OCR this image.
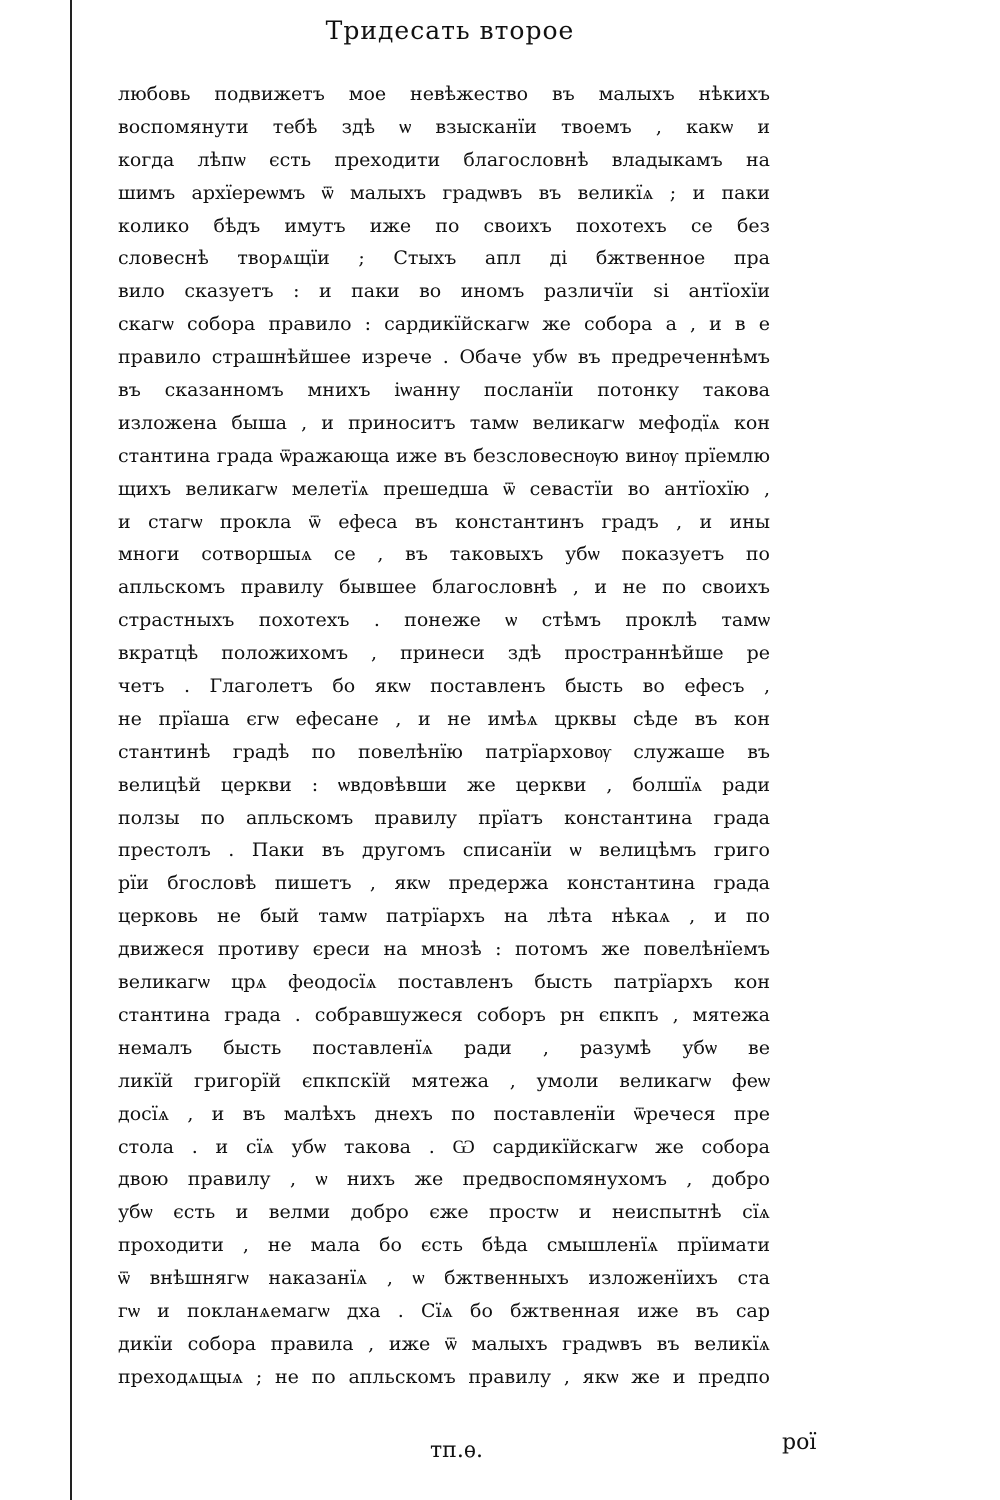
Тридесать второе
любовь подвижетъ мое невѣжество въ малыхъ нѣкихъ
воспомянути тебѣ здѣ ѡ взысканїи твоемъ , какѡ и
когда лѣпѡ єсть преходити благословнѣ владыкамъ на
шимъ архїереѡмъ ѿ малыхъ градѡвъ въ великїѧ ; и паки
колико бѣдъ имутъ иже по своихъ похотехъ се без
словеснѣ творѧщїи ; Стыхъ апл ді бжтвенное пра
вило сказуетъ : и паки во иномъ различїи ѕі антїохїи
скагѡ собора правило : сардикїйскагѡ же собора а , и в е
правило страшнѣйшее изрече . Обаче убѡ въ предреченнѣмъ
въ сказанномъ мнихъ іѡанну посланїи потонку такова
изложена быша , и приноситъ тамѡ великагѡ мефодїѧ кон
стантина града ѿражающа иже въ безсловеснѹю винѹ прїемлю
щихъ великагѡ мелетїѧ прешедша ѿ севастїи во антїохїю ,
и стагѡ прокла ѿ ефеса въ константинъ градъ , и ины
многи сотворшыѧ се , въ таковыхъ убѡ показуетъ по
апльскомъ правилу бывшее благословнѣ , и не по своихъ
страстныхъ похотехъ . понеже ѡ стѣмъ проклѣ тамѡ
вкратцѣ положихомъ , принеси здѣ пространнѣйше ре
четъ . Глаголетъ бо якѡ поставленъ бысть во ефесъ ,
не прїаша єгѡ ефесане , и не имѣѧ црквы сѣде въ кон
стантинѣ градѣ по повелѣнїю патрїарховѹ служаше въ
велицѣй церкви : ѡвдовѣвши же церкви , болшїѧ ради
ползы по апльскомъ правилу прїатъ константина града
престолъ . Паки въ другомъ списанїи ѡ велицѣмъ григо
рїи бгословѣ пишетъ , якѡ предержа константина града
церковь не бый тамѡ патрїархъ на лѣта нѣкаѧ , и по
движеся противу єреси на мнозѣ : потомъ же повелѣнїемъ
великагѡ црѧ феодосїѧ поставленъ бысть патрїархъ кон
стантина града . собравшужеся соборъ рн єпкпъ , мятежа
немалъ бысть поставленїѧ ради , разумѣ убѡ ве
ликїй григорїй єпкпскїй мятежа , умоли великагѡ феѡ
досїѧ , и въ малѣхъ днехъ по поставленїи ѿречеся пре
стола . и сїѧ убѡ такова . Ѡ сардикїйскагѡ же собора
двою правилу , ѡ нихъ же предвоспомянухомъ , добро
убѡ єсть и велми добро єже простѡ и неиспытнѣ сїѧ
проходити , не мала бо єсть бѣда смышленїѧ прїимати
ѿ внѣшнягѡ наказанїѧ , ѡ бжтвенныхъ изложенїихъ ста
гѡ и покланѧемагѡ дха . Сїѧ бо бжтвенная иже въ сар
дикїи собора правила , иже ѿ малыхъ градѡвъ въ великїѧ
преходѧщыѧ ; не по апльскомъ правилу , якѡ же и предпо
тп.ѳ.	рої
